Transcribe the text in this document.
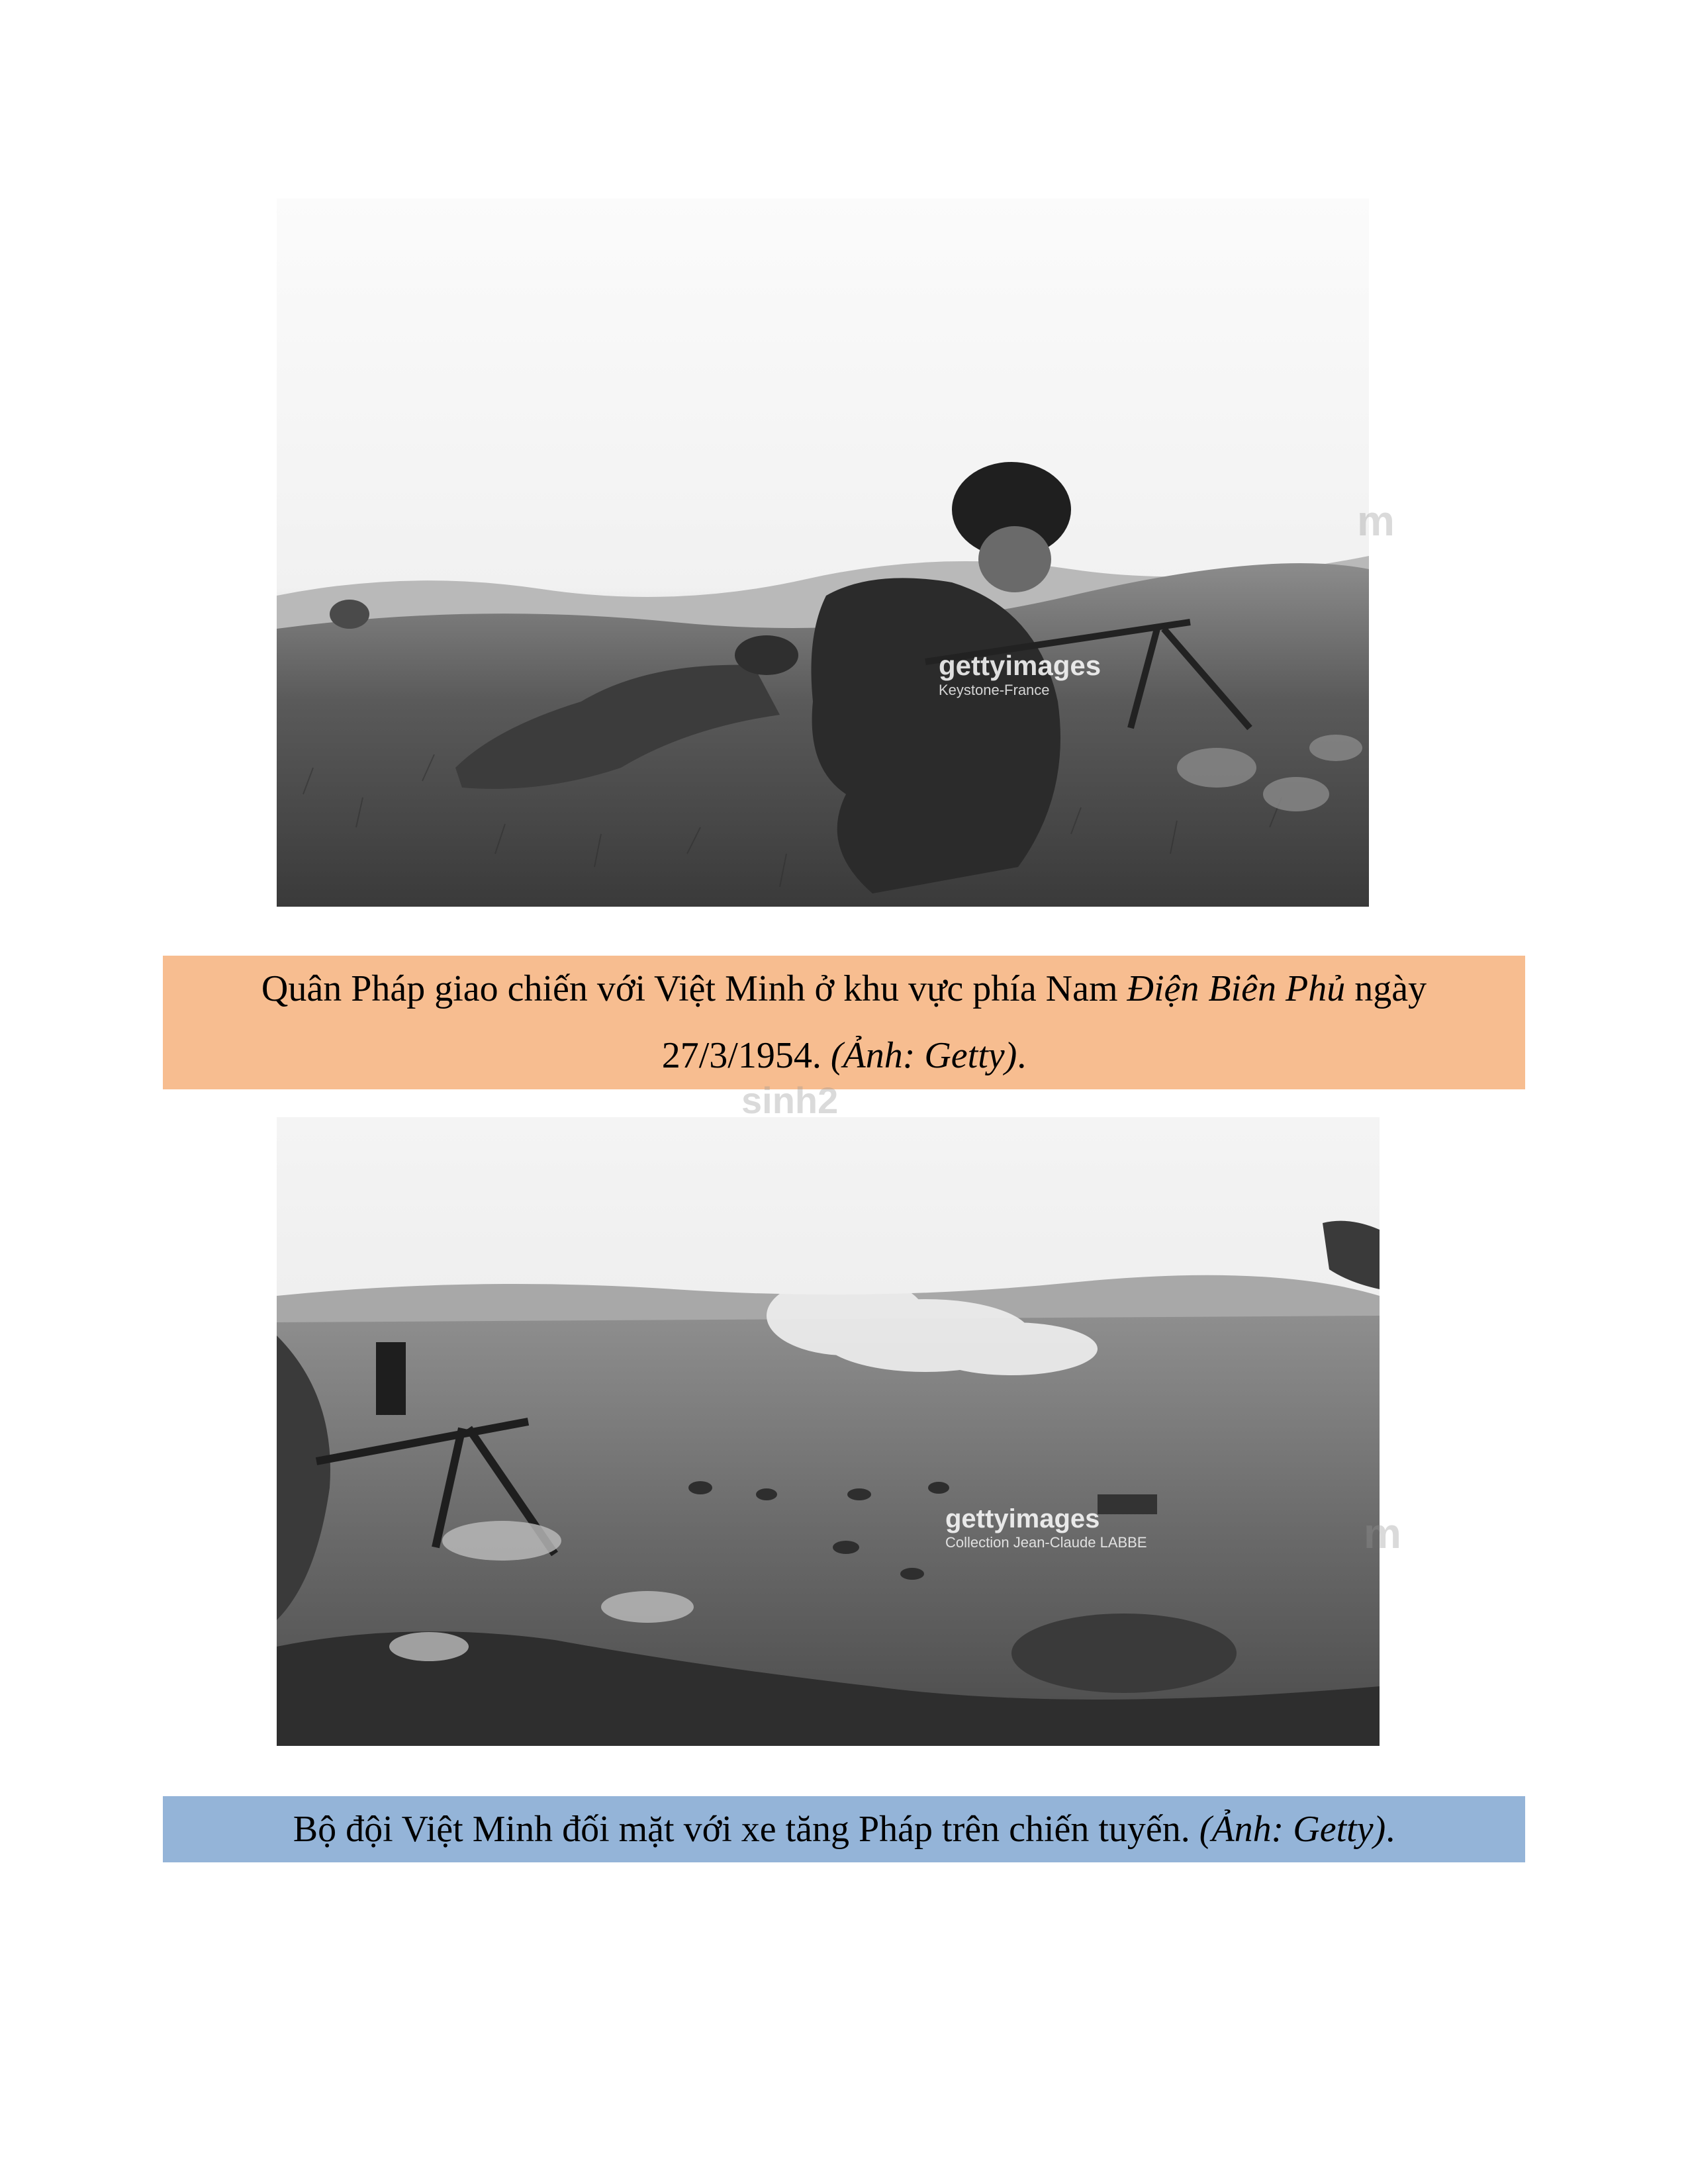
gettyimages
Keystone-France
Quân Pháp giao chiến với Việt Minh ở khu vực phía Nam Điện Biên Phủ ngày
27/3/1954. (Ảnh: Getty).
gettyimages
Collection Jean-Claude LABBE
Bộ đội Việt Minh đối mặt với xe tăng Pháp trên chiến tuyến. (Ảnh: Getty).
m
m
sinh2
